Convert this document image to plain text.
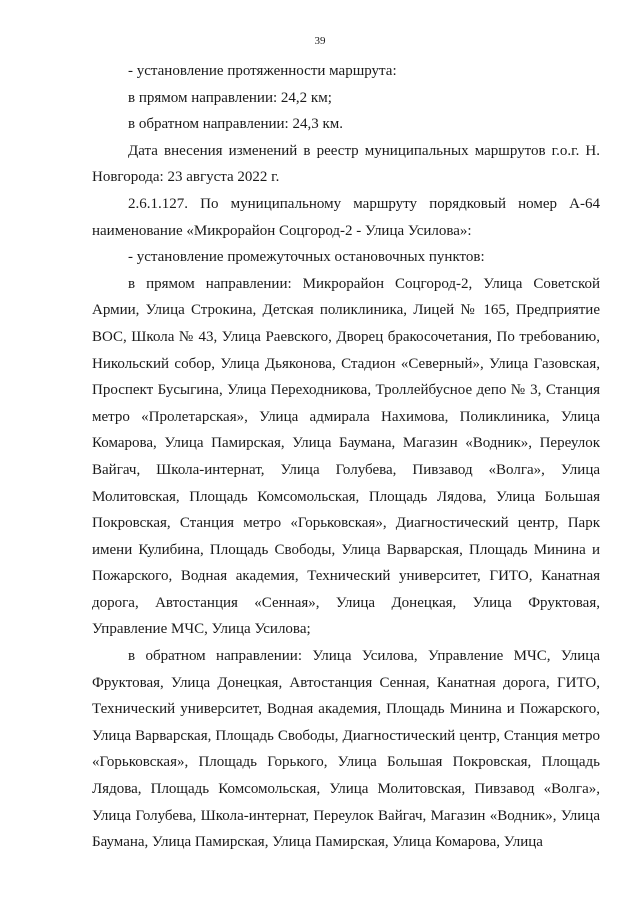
39

- установление протяженности маршрута:

в прямом направлении: 24,2 км;

в обратном направлении: 24,3 км.

Дата внесения изменений в реестр муниципальных маршрутов г.о.г. Н. Новгорода: 23 августа 2022 г.

2.6.1.127. По муниципальному маршруту порядковый номер А-64 наименование «Микрорайон Соцгород-2 - Улица Усилова»:

- установление промежуточных остановочных пунктов:

в прямом направлении: Микрорайон Соцгород-2, Улица Советской Армии, Улица Строкина, Детская поликлиника, Лицей № 165, Предприятие ВОС, Школа № 43, Улица Раевского, Дворец бракосочетания, По требованию, Никольский собор, Улица Дьяконова, Стадион «Северный», Улица Газовская, Проспект Бусыгина, Улица Переходникова, Троллейбусное депо № 3, Станция метро «Пролетарская», Улица адмирала Нахимова, Поликлиника, Улица Комарова, Улица Памирская, Улица Баумана, Магазин «Водник», Переулок Вайгач, Школа-интернат, Улица Голубева, Пивзавод «Волга», Улица Молитовская, Площадь Комсомольская, Площадь Лядова, Улица Большая Покровская, Станция метро «Горьковская», Диагностический центр, Парк имени Кулибина, Площадь Свободы, Улица Варварская, Площадь Минина и Пожарского, Водная академия, Технический университет, ГИТО, Канатная дорога, Автостанция «Сенная», Улица Донецкая, Улица Фруктовая, Управление МЧС, Улица Усилова;

в обратном направлении: Улица Усилова, Управление МЧС, Улица Фруктовая, Улица Донецкая, Автостанция Сенная, Канатная дорога, ГИТО, Технический университет, Водная академия, Площадь Минина и Пожарского, Улица Варварская, Площадь Свободы, Диагностический центр, Станция метро «Горьковская», Площадь Горького, Улица Большая Покровская, Площадь Лядова, Площадь Комсомольская, Улица Молитовская, Пивзавод «Волга», Улица Голубева, Школа-интернат, Переулок Вайгач, Магазин «Водник», Улица Баумана, Улица Памирская, Улица Памирская, Улица Комарова, Улица
